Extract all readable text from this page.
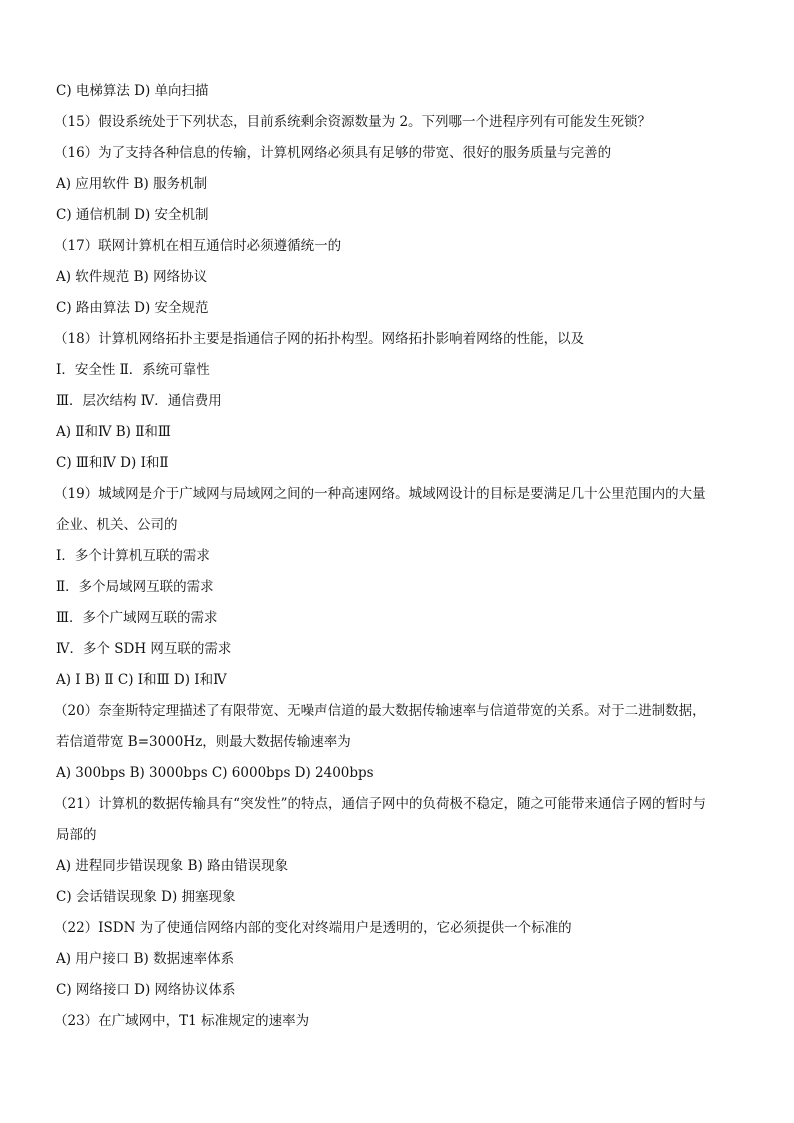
C) 电梯算法 D) 单向扫描
（15）假设系统处于下列状态，目前系统剩余资源数量为 2。下列哪一个进程序列有可能发生死锁？
（16）为了支持各种信息的传输，计算机网络必须具有足够的带宽、很好的服务质量与完善的
A) 应用软件 B) 服务机制
C) 通信机制 D) 安全机制
（17）联网计算机在相互通信时必须遵循统一的
A) 软件规范 B) 网络协议
C) 路由算法 D) 安全规范
（18）计算机网络拓扑主要是指通信子网的拓扑构型。网络拓扑影响着网络的性能，以及
Ⅰ．安全性 Ⅱ．系统可靠性
Ⅲ．层次结构 Ⅳ．通信费用
A) Ⅱ和Ⅳ B) Ⅱ和Ⅲ
C) Ⅲ和Ⅳ D) Ⅰ和Ⅱ
（19）城域网是介于广域网与局域网之间的一种高速网络。城域网设计的目标是要满足几十公里范围内的大量
企业、机关、公司的
Ⅰ．多个计算机互联的需求
Ⅱ．多个局域网互联的需求
Ⅲ．多个广域网互联的需求
Ⅳ．多个 SDH 网互联的需求
A) Ⅰ B) Ⅱ C) Ⅰ和Ⅲ D) Ⅰ和Ⅳ
（20）奈奎斯特定理描述了有限带宽、无噪声信道的最大数据传输速率与信道带宽的关系。对于二进制数据，
若信道带宽 B=3000Hz，则最大数据传输速率为
A) 300bps B) 3000bps C) 6000bps D) 2400bps
（21）计算机的数据传输具有“突发性”的特点，通信子网中的负荷极不稳定，随之可能带来通信子网的暂时与
局部的
A) 进程同步错误现象 B) 路由错误现象
C) 会话错误现象 D) 拥塞现象
（22）ISDN 为了使通信网络内部的变化对终端用户是透明的，它必须提供一个标准的
A) 用户接口 B) 数据速率体系
C) 网络接口 D) 网络协议体系
（23）在广域网中，T1 标准规定的速率为
